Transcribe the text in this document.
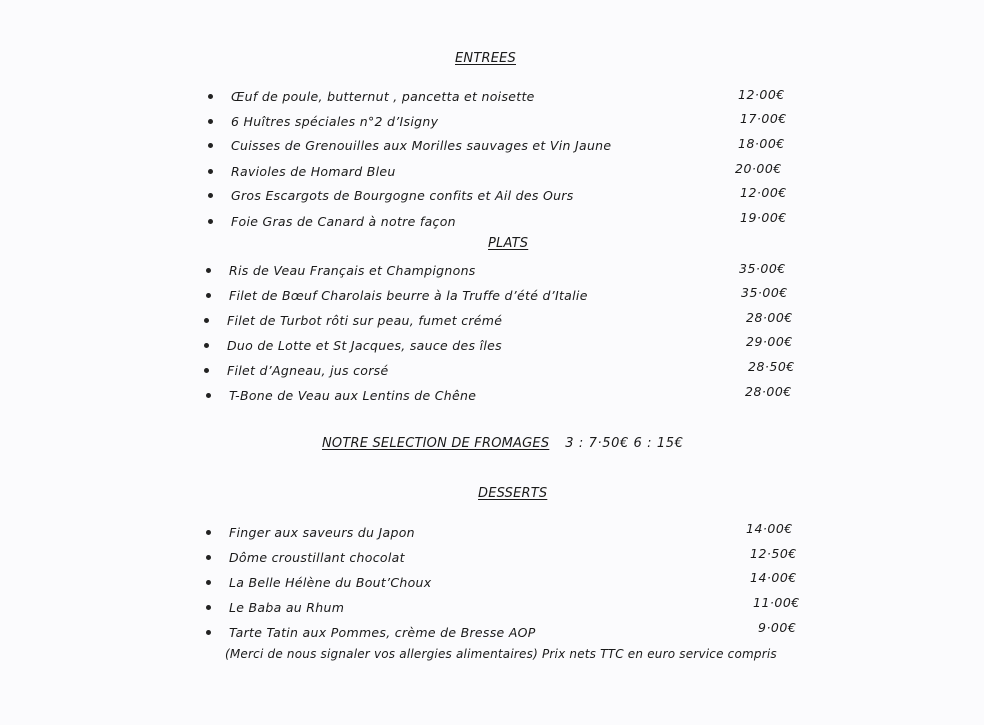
ENTREES
Œuf de poule, butternut , pancetta et noisette	12·00€
6 Huîtres spéciales n°2 d’Isigny	17·00€
Cuisses de Grenouilles aux Morilles sauvages et Vin Jaune	18·00€
Ravioles de Homard Bleu	20·00€
Gros Escargots de Bourgogne confits et Ail des Ours	12·00€
Foie Gras de Canard à notre façon	19·00€
PLATS
Ris de Veau Français et Champignons	35·00€
Filet de Bœuf Charolais beurre à la Truffe d’été d’Italie	35·00€
Filet de Turbot rôti sur peau, fumet crémé	28·00€
Duo de Lotte et St Jacques, sauce des îles	29·00€
Filet d’Agneau, jus corsé	28·50€
T-Bone de Veau aux Lentins de Chêne	28·00€
NOTRE SELECTION DE FROMAGES 3 : 7·50€ 6 : 15€
DESSERTS
Finger aux saveurs du Japon	14·00€
Dôme croustillant chocolat	12·50€
La Belle Hélène du Bout’Choux	14·00€
Le Baba au Rhum	11·00€
Tarte Tatin aux Pommes, crème de Bresse AOP	9·00€
(Merci de nous signaler vos allergies alimentaires) Prix nets TTC en euro service compris
